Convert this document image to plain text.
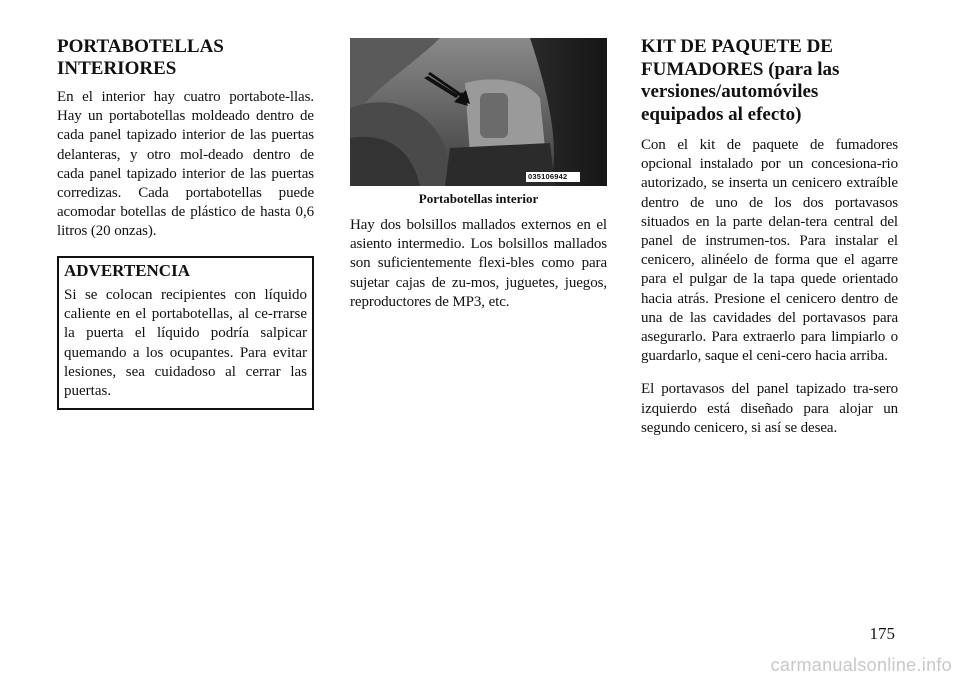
PORTABOTELLAS INTERIORES

En el interior hay cuatro portabote-llas. Hay un portabotellas moldeado dentro de cada panel tapizado interior de las puertas delanteras, y otro mol-deado dentro de cada panel tapizado interior de las puertas corredizas. Cada portabotellas puede acomodar botellas de plástico de hasta 0,6 litros (20 onzas).

ADVERTENCIA

Si se colocan recipientes con líquido caliente en el portabotellas, al ce-rrarse la puerta el líquido podría salpicar quemando a los ocupantes. Para evitar lesiones, sea cuidadoso al cerrar las puertas.

035106942
Portabotellas interior

Hay dos bolsillos mallados externos en el asiento intermedio. Los bolsillos mallados son suficientemente flexi-bles como para sujetar cajas de zu-mos, juguetes, juegos, reproductores de MP3, etc.

KIT DE PAQUETE DE FUMADORES (para las versiones/automóviles equipados al efecto)

Con el kit de paquete de fumadores opcional instalado por un concesiona-rio autorizado, se inserta un cenicero extraíble dentro de uno de los dos portavasos situados en la parte delan-tera central del panel de instrumen-tos. Para instalar el cenicero, alinéelo de forma que el agarre para el pulgar de la tapa quede orientado hacia atrás. Presione el cenicero dentro de una de las cavidades del portavasos para asegurarlo. Para extraerlo para limpiarlo o guardarlo, saque el ceni-cero hacia arriba.

El portavasos del panel tapizado tra-sero izquierdo está diseñado para alojar un segundo cenicero, si así se desea.

175
carmanualsonline.info
